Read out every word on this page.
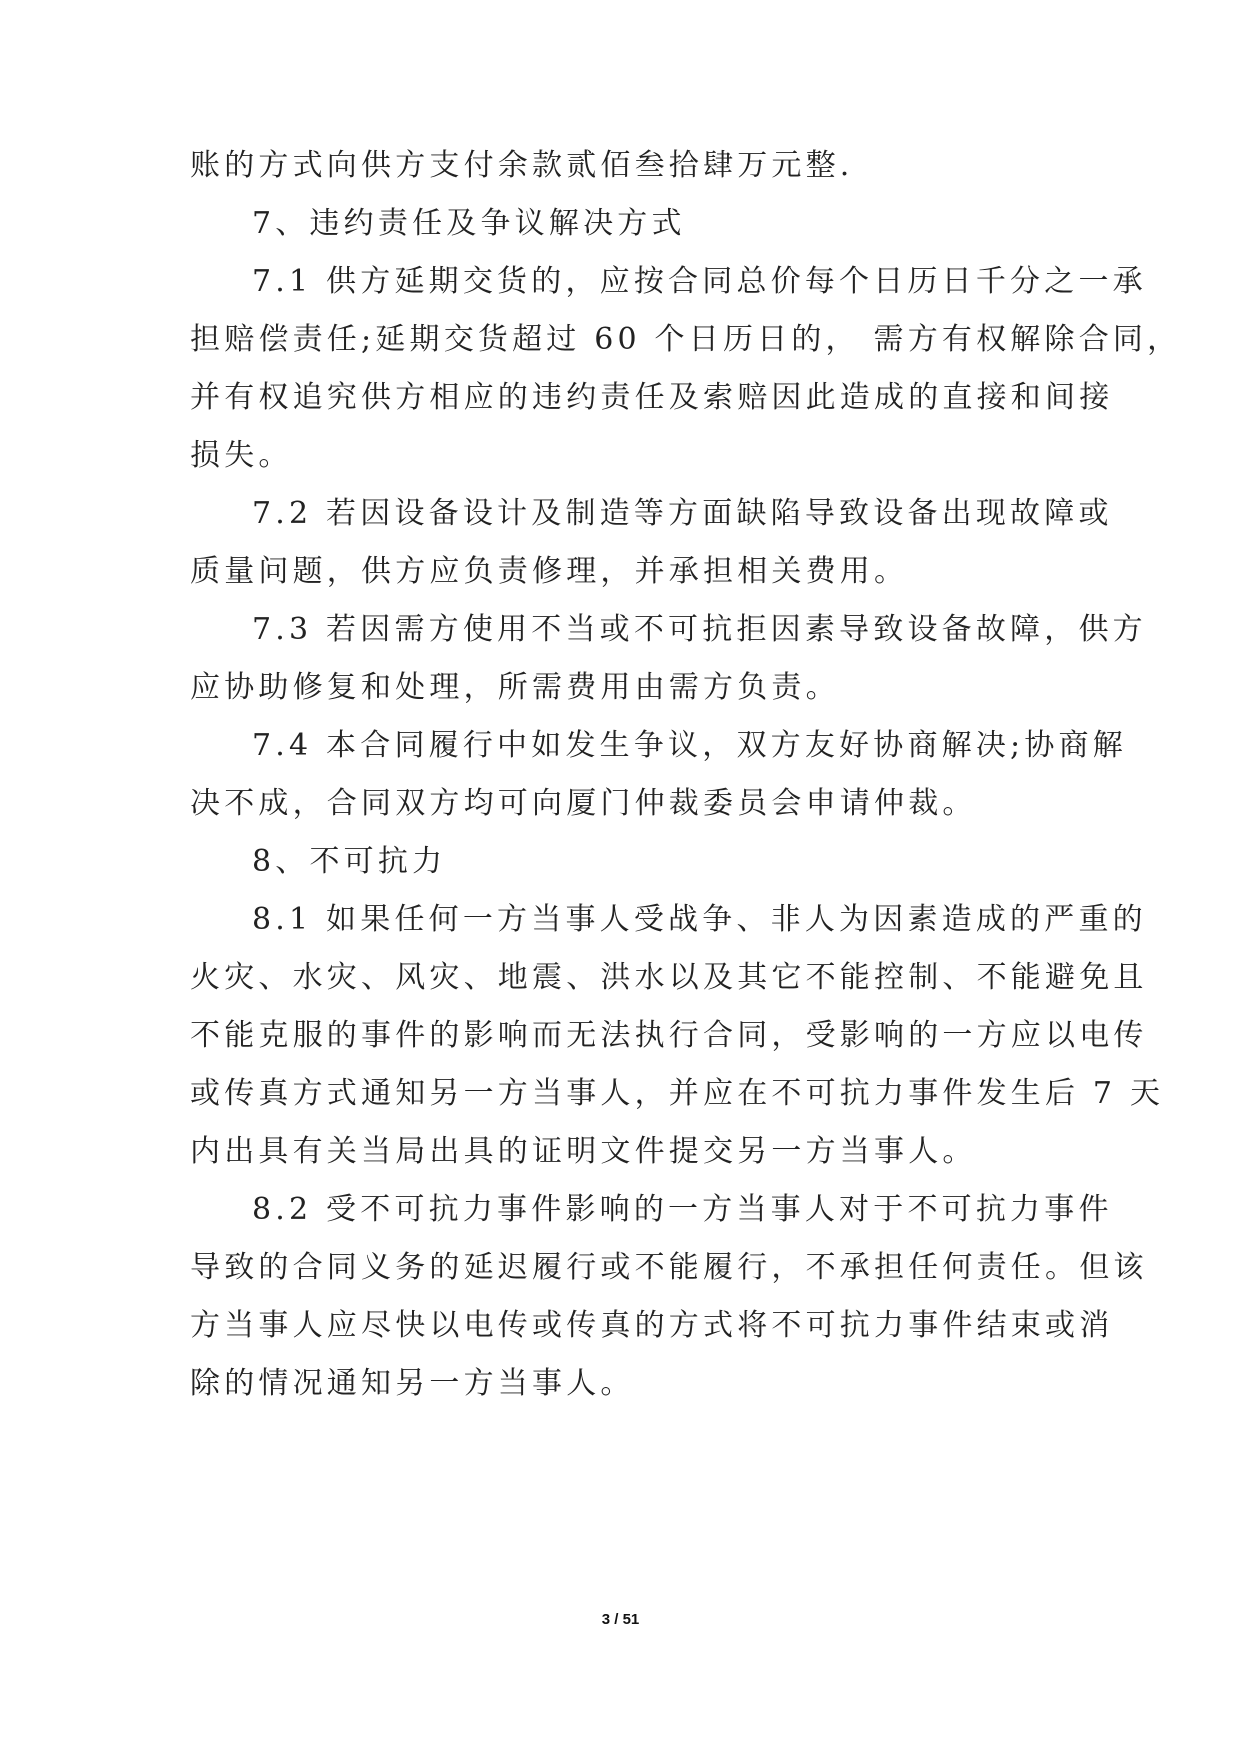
账的方式向供方支付余款贰佰叁拾肆万元整.
7、违约责任及争议解决方式
7.1 供方延期交货的，应按合同总价每个日历日千分之一承
担赔偿责任;延期交货超过 60 个日历日的， 需方有权解除合同，
并有权追究供方相应的违约责任及索赔因此造成的直接和间接
损失。
7.2 若因设备设计及制造等方面缺陷导致设备出现故障或
质量问题，供方应负责修理，并承担相关费用。
7.3 若因需方使用不当或不可抗拒因素导致设备故障，供方
应协助修复和处理，所需费用由需方负责。
7.4 本合同履行中如发生争议，双方友好协商解决;协商解
决不成，合同双方均可向厦门仲裁委员会申请仲裁。
8、不可抗力
8.1 如果任何一方当事人受战争、非人为因素造成的严重的
火灾、水灾、风灾、地震、洪水以及其它不能控制、不能避免且
不能克服的事件的影响而无法执行合同，受影响的一方应以电传
或传真方式通知另一方当事人，并应在不可抗力事件发生后 7 天
内出具有关当局出具的证明文件提交另一方当事人。
8.2 受不可抗力事件影响的一方当事人对于不可抗力事件
导致的合同义务的延迟履行或不能履行，不承担任何责任。但该
方当事人应尽快以电传或传真的方式将不可抗力事件结束或消
除的情况通知另一方当事人。
3 / 51
